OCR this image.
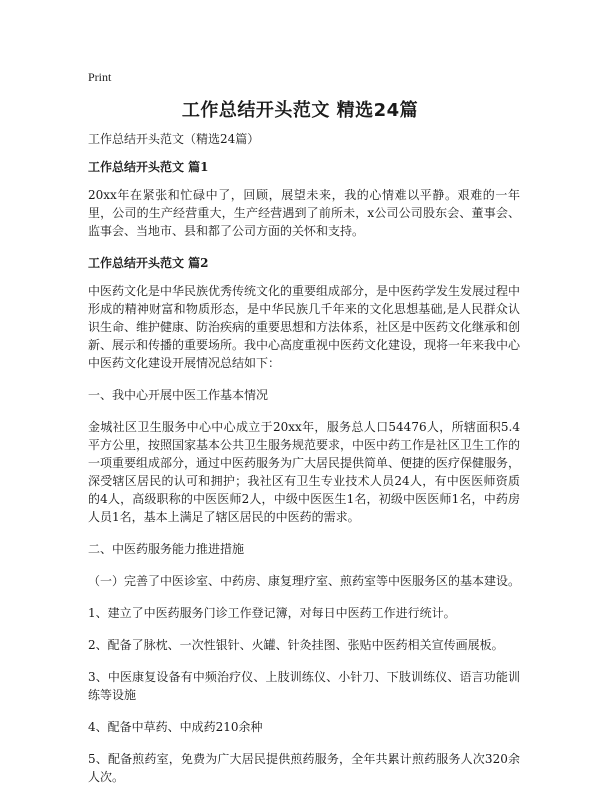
Print
工作总结开头范文 精选24篇

工作总结开头范文（精选24篇）

工作总结开头范文 篇1

20xx年在紧张和忙碌中了，回顾，展望未来，我的心情难以平静。艰难的一年里，公司的生产经营重大，生产经营遇到了前所未，x公司公司股东会、董事会、监事会、当地市、县和都了公司方面的关怀和支持。

工作总结开头范文 篇2

中医药文化是中华民族优秀传统文化的重要组成部分，是中医药学发生发展过程中形成的精神财富和物质形态，是中华民族几千年来的文化思想基础,是人民群众认识生命、维护健康、防治疾病的重要思想和方法体系，社区是中医药文化继承和创新、展示和传播的重要场所。我中心高度重视中医药文化建设，现将一年来我中心中医药文化建设开展情况总结如下：

一、我中心开展中医工作基本情况

金城社区卫生服务中心中心成立于20xx年，服务总人口54476人，所辖面积5.4平方公里，按照国家基本公共卫生服务规范要求，中医中药工作是社区卫生工作的一项重要组成部分，通过中医药服务为广大居民提供简单、便捷的医疗保健服务，深受辖区居民的认可和拥护；我社区有卫生专业技术人员24人，有中医医师资质的4人，高级职称的中医医师2人，中级中医医生1名，初级中医医师1名，中药房人员1名，基本上满足了辖区居民的中医药的需求。

二、中医药服务能力推进措施

（一）完善了中医诊室、中药房、康复理疗室、煎药室等中医服务区的基本建设。

1、建立了中医药服务门诊工作登记簿，对每日中医药工作进行统计。

2、配备了脉枕、一次性银针、火罐、针灸挂图、张贴中医药相关宣传画展板。

3、中医康复设备有中频治疗仪、上肢训练仪、小针刀、下肢训练仪、语言功能训练等设施

4、配备中草药、中成药210余种

5、配备煎药室，免费为广大居民提供煎药服务，全年共累计煎药服务人次320余人次。
